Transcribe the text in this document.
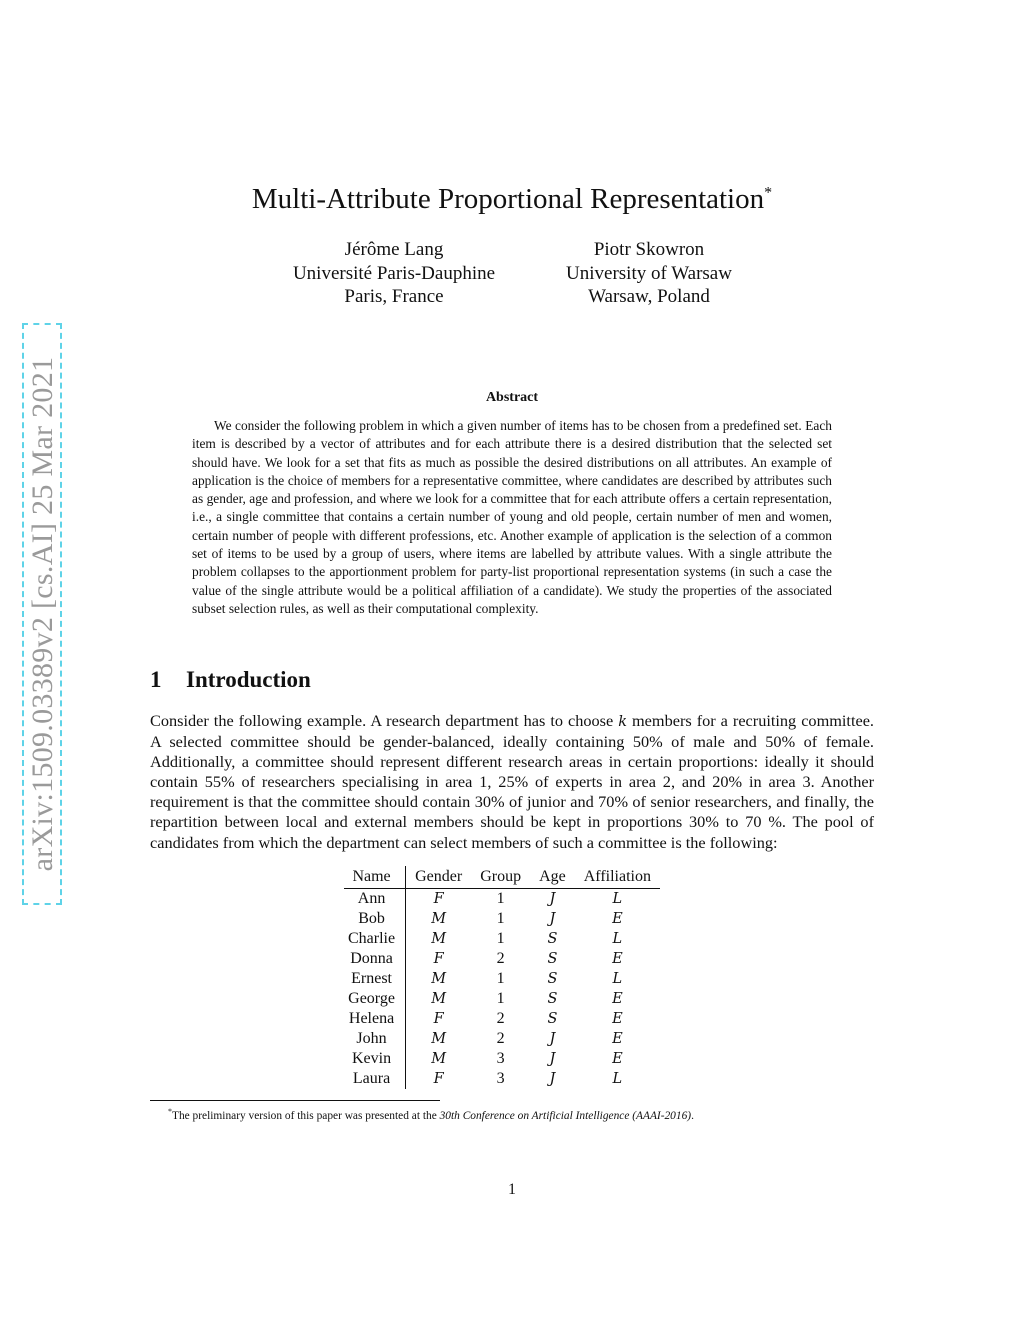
arXiv:1509.03389v2 [cs.AI] 25 Mar 2021
Multi-Attribute Proportional Representation*
Jérôme Lang
Université Paris-Dauphine
Paris, France
Piotr Skowron
University of Warsaw
Warsaw, Poland
Abstract

We consider the following problem in which a given number of items has to be chosen from a predefined set. Each item is described by a vector of attributes and for each attribute there is a desired distribution that the selected set should have. We look for a set that fits as much as possible the desired distributions on all attributes. An example of application is the choice of members for a representative committee, where candidates are described by attributes such as gender, age and profession, and where we look for a committee that for each attribute offers a certain representation, i.e., a single committee that contains a certain number of young and old people, certain number of men and women, certain number of people with different professions, etc. Another example of application is the selection of a common set of items to be used by a group of users, where items are labelled by attribute values. With a single attribute the problem collapses to the apportionment problem for party-list proportional representation systems (in such a case the value of the single attribute would be a political affiliation of a candidate). We study the properties of the associated subset selection rules, as well as their computational complexity.

1 Introduction

Consider the following example. A research department has to choose k members for a recruiting committee. A selected committee should be gender-balanced, ideally containing 50% of male and 50% of female. Additionally, a committee should represent different research areas in certain proportions: ideally it should contain 55% of researchers specialising in area 1, 25% of experts in area 2, and 20% in area 3. Another requirement is that the committee should contain 30% of junior and 70% of senior researchers, and finally, the repartition between local and external members should be kept in proportions 30% to 70 %. The pool of candidates from which the department can select members of such a committee is the following:

Name	Gender	Group	Age	Affiliation
Ann	F	1	J	L
Bob	M	1	J	E
Charlie	M	1	S	L
Donna	F	2	S	E
Ernest	M	1	S	L
George	M	1	S	E
Helena	F	2	S	E
John	M	2	J	E
Kevin	M	3	J	E
Laura	F	3	J	L
*The preliminary version of this paper was presented at the 30th Conference on Artificial Intelligence (AAAI-2016).
1
